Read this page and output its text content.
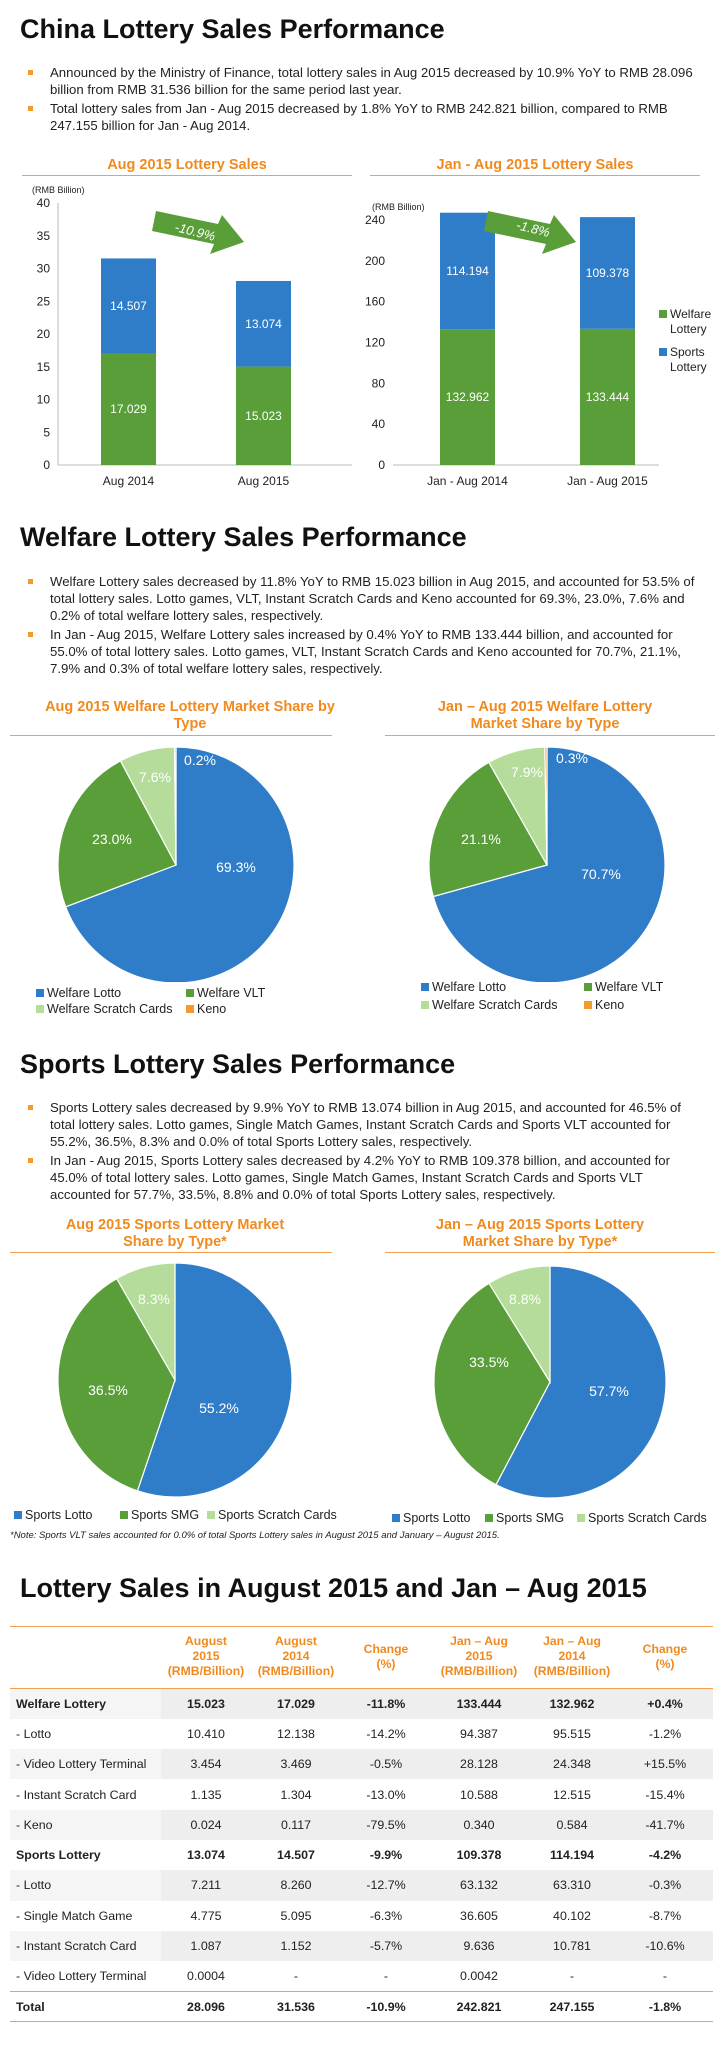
China Lottery Sales Performance
Announced by the Ministry of Finance, total lottery sales in Aug 2015 decreased by 10.9% YoY to RMB 28.096 billion from RMB 31.536 billion for the same period last year.
Total lottery sales from Jan - Aug 2015 decreased by 1.8% YoY to RMB 242.821 billion, compared to RMB 247.155 billion for Jan - Aug 2014.
Aug 2015 Lottery Sales	Jan - Aug 2015 Lottery Sales
(RMB Billion)
0
5
10
15
20
25
30
35
40
17.029
14.507
Aug 2014
15.023
13.074
Aug 2015
-10.9%
(RMB Billion)
0
40
80
120
160
200
240
132.962
114.194
Jan - Aug 2014
133.444
109.378
Jan - Aug 2015
-1.8%
Welfare
Lottery
Sports
Lottery
Welfare Lottery Sales Performance
Welfare Lottery sales decreased by 11.8% YoY to RMB 15.023 billion in Aug 2015, and accounted for 53.5% of total lottery sales. Lotto games, VLT, Instant Scratch Cards and Keno accounted for 69.3%, 23.0%, 7.6% and 0.2% of total welfare lottery sales, respectively.
In Jan - Aug 2015, Welfare Lottery sales increased by 0.4% YoY to RMB 133.444 billion, and accounted for 55.0% of total lottery sales. Lotto games, VLT, Instant Scratch Cards and Keno accounted for 70.7%, 21.1%, 7.9% and 0.3% of total welfare lottery sales, respectively.
Aug 2015 Welfare Lottery Market Share by Type
Jan – Aug 2015 Welfare Lottery Market Share by Type
69.3%
23.0%
7.6%
0.2%
70.7%
21.1%
7.9%
0.3%
Welfare Lotto	Welfare VLT
Welfare Scratch Cards	Keno
Welfare Lotto	Welfare VLT
Welfare Scratch Cards	Keno
Sports Lottery Sales Performance
Sports Lottery sales decreased by 9.9% YoY to RMB 13.074 billion in Aug 2015, and accounted for 46.5% of total lottery sales. Lotto games, Single Match Games, Instant Scratch Cards and Sports VLT accounted for 55.2%, 36.5%, 8.3% and 0.0% of total Sports Lottery sales, respectively.
In Jan - Aug 2015, Sports Lottery sales decreased by 4.2% YoY to RMB 109.378 billion, and accounted for 45.0% of total lottery sales. Lotto games, Single Match Games, Instant Scratch Cards and Sports VLT accounted for 57.7%, 33.5%, 8.8% and 0.0% of total Sports Lottery sales, respectively.
Aug 2015 Sports Lottery Market Share by Type*
Jan – Aug 2015 Sports Lottery Market Share by Type*
55.2%
36.5%
8.3%
57.7%
33.5%
8.8%
Sports Lotto	Sports SMG	Sports Scratch Cards	Sports Lotto	Sports SMG	Sports Scratch Cards
*Note: Sports VLT sales accounted for 0.0% of total Sports Lottery sales in August 2015 and January – August 2015.
Lottery Sales in August 2015 and Jan – Aug 2015
	August
2015
(RMB/Billion)	August
2014
(RMB/Billion)	Change
(%)	Jan – Aug
2015
(RMB/Billion)	Jan – Aug
2014
(RMB/Billion)	Change
(%)
Welfare Lottery	15.023	17.029	-11.8%	133.444	132.962	+0.4%
- Lotto	10.410	12.138	-14.2%	94.387	95.515	-1.2%
- Video Lottery Terminal	3.454	3.469	-0.5%	28.128	24.348	+15.5%
- Instant Scratch Card	1.135	1.304	-13.0%	10.588	12.515	-15.4%
- Keno	0.024	0.117	-79.5%	0.340	0.584	-41.7%
Sports Lottery	13.074	14.507	-9.9%	109.378	114.194	-4.2%
- Lotto	7.211	8.260	-12.7%	63.132	63.310	-0.3%
- Single Match Game	4.775	5.095	-6.3%	36.605	40.102	-8.7%
- Instant Scratch Card	1.087	1.152	-5.7%	9.636	10.781	-10.6%
- Video Lottery Terminal	0.0004	-	-	0.0042	-	-
Total	28.096	31.536	-10.9%	242.821	247.155	-1.8%
